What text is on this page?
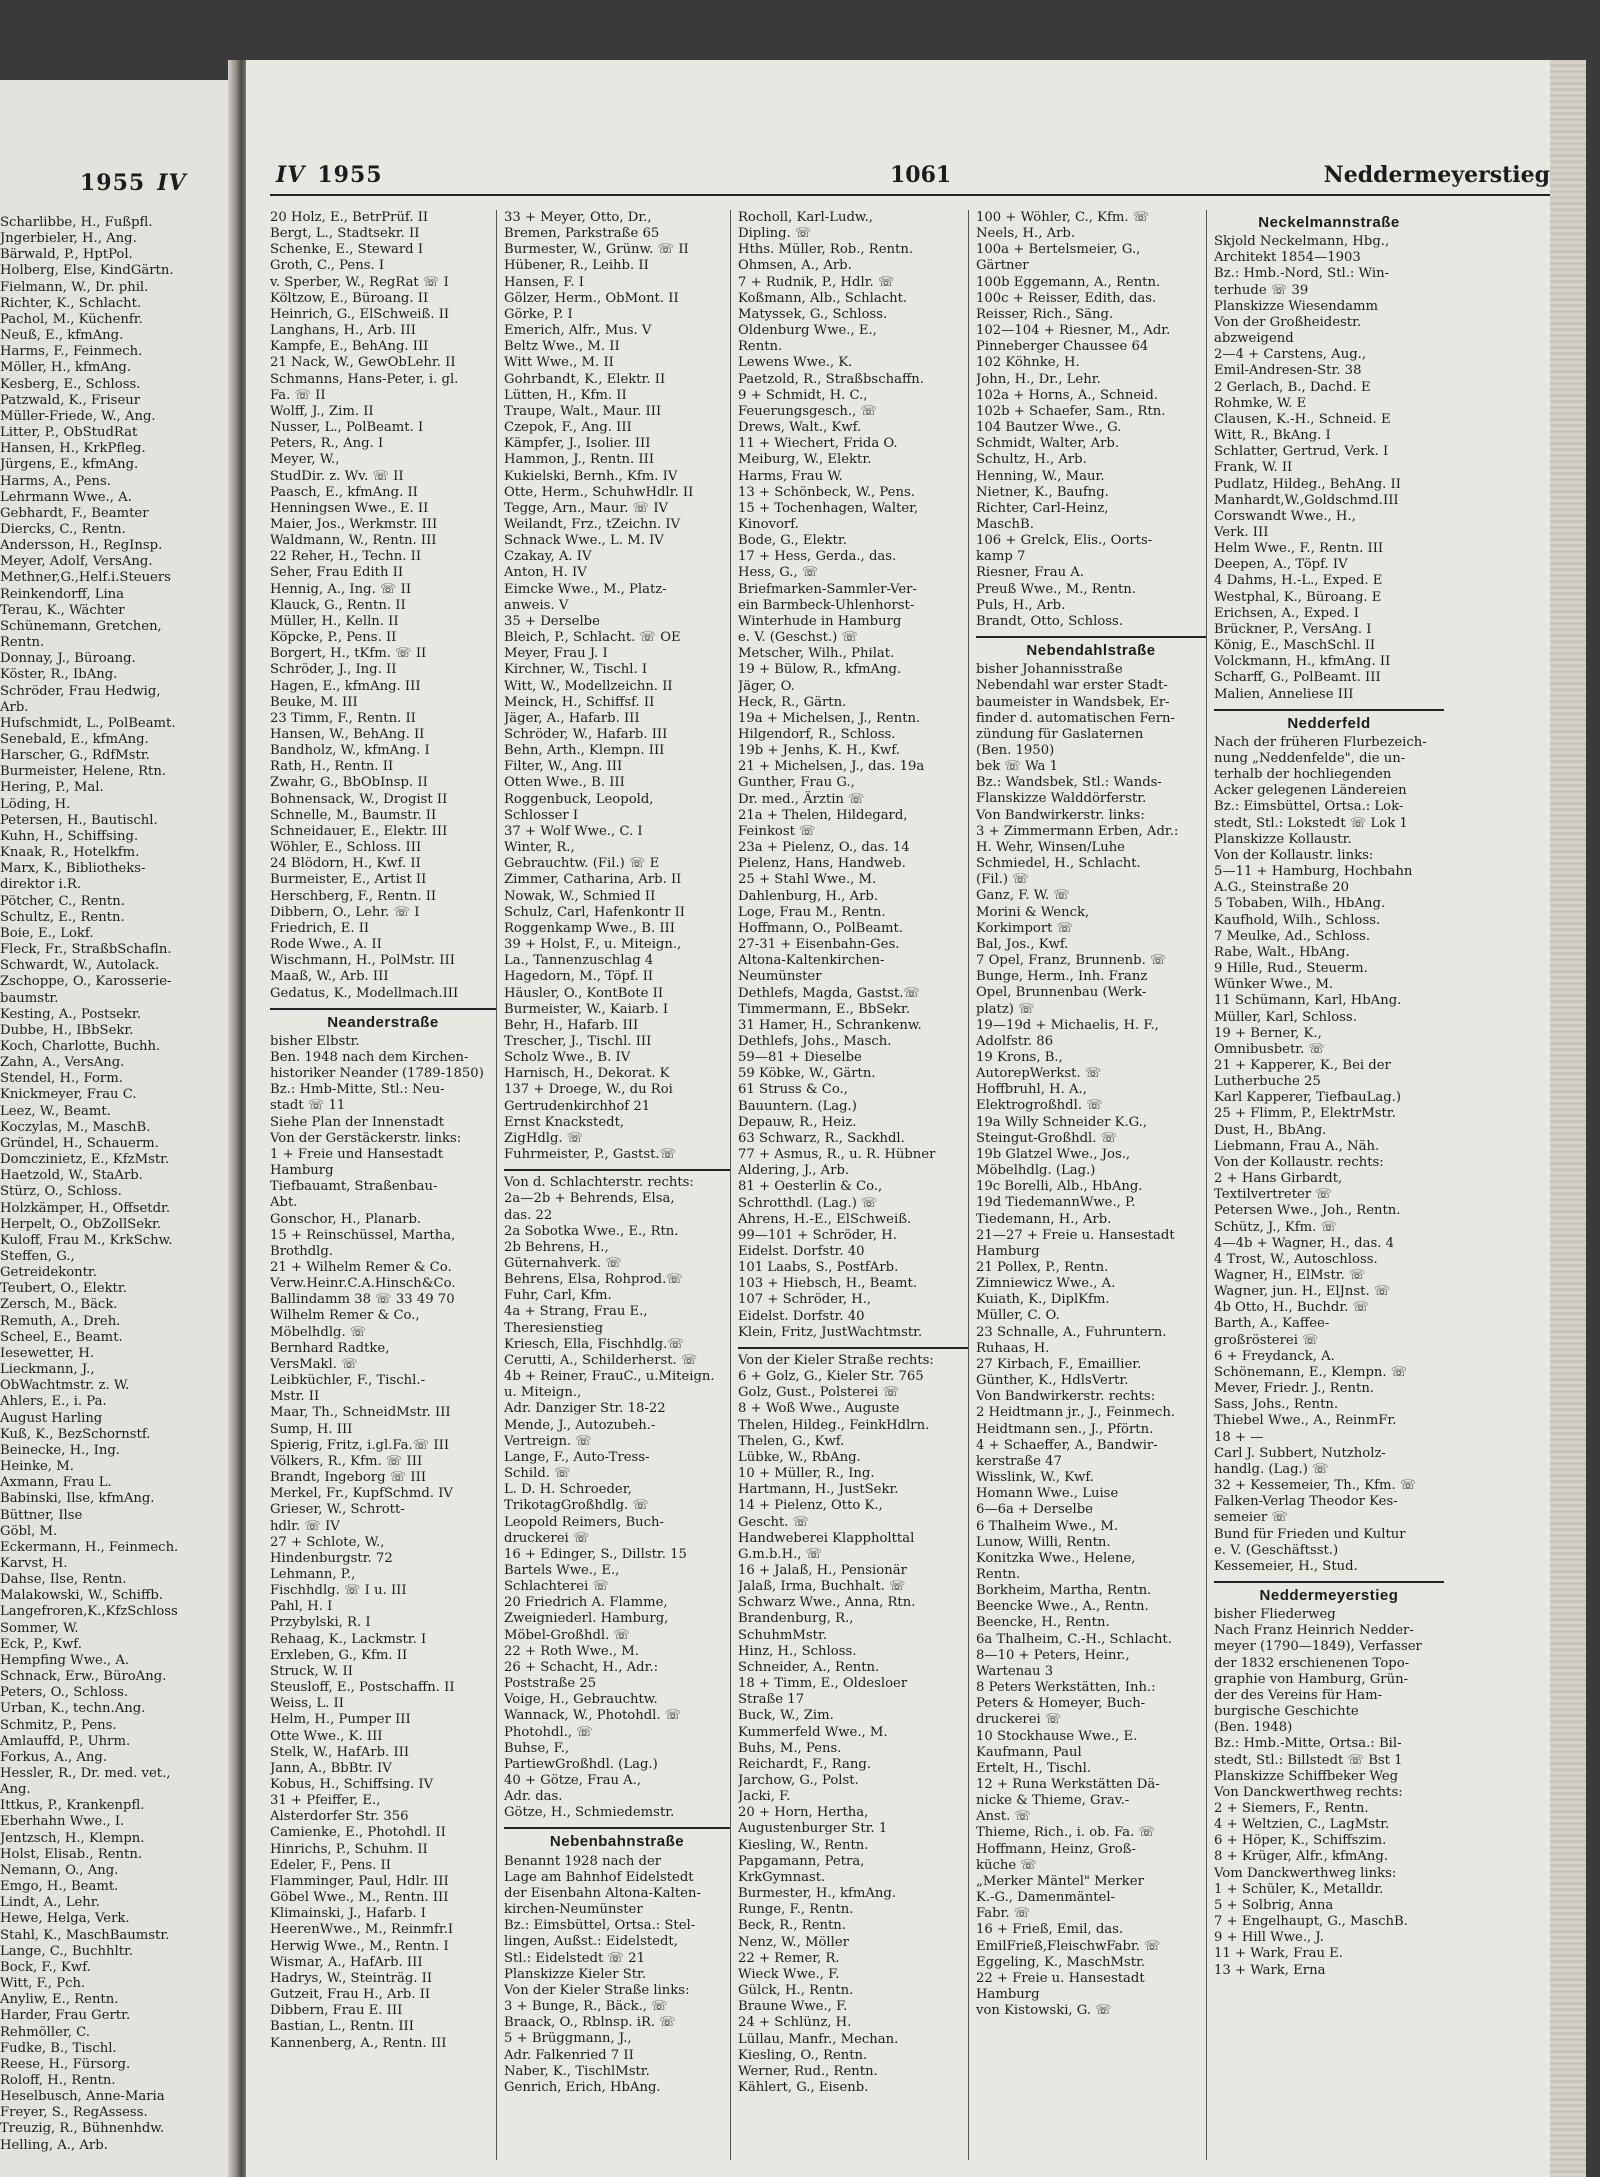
1955 IV
Scharlibbe, H., Fußpfl.
Jngerbieler, H., Ang.
Bärwald, P., HptPol.
Holberg, Else, KindGärtn.
Fielmann, W., Dr. phil.
Richter, K., Schlacht.
Pachol, M., Küchenfr.
Neuß, E., kfmAng.
Harms, F., Feinmech.
Möller, H., kfmAng.
Kesberg, E., Schloss.
Patzwald, K., Friseur
Müller-Friede, W., Ang.
Litter, P., ObStudRat
Hansen, H., KrkPfleg.
Jürgens, E., kfmAng.
Harms, A., Pens.
Lehrmann Wwe., A.
Gebhardt, F., Beamter
Diercks, C., Rentn.
Andersson, H., RegInsp.
Meyer, Adolf, VersAng.
Methner,G.,Helf.i.Steuers
Reinkendorff, Lina
Terau, K., Wächter
Schünemann, Gretchen,
Rentn.
Donnay, J., Büroang.
Köster, R., IbAng.
Schröder, Frau Hedwig,
Arb.
Hufschmidt, L., PolBeamt.
Senebald, E., kfmAng.
Harscher, G., RdfMstr.
Burmeister, Helene, Rtn.
Hering, P., Mal.
Löding, H.
Petersen, H., Bautischl.
Kuhn, H., Schiffsing.
Knaak, R., Hotelkfm.
Marx, K., Bibliotheks-
direktor i.R.
Pötcher, C., Rentn.
Schultz, E., Rentn.
Boie, E., Lokf.
Fleck, Fr., StraßbSchafln.
Schwardt, W., Autolack.
Zschoppe, O., Karosserie-
baumstr.
Kesting, A., Postsekr.
Dubbe, H., IBbSekr.
Koch, Charlotte, Buchh.
Zahn, A., VersAng.
Stendel, H., Form.
Knickmeyer, Frau C.
Leez, W., Beamt.
Koczylas, M., MaschB.
Gründel, H., Schauerm.
Domczinietz, E., KfzMstr.
Haetzold, W., StaArb.
Stürz, O., Schloss.
Holzkämper, H., Offsetdr.
Herpelt, O., ObZollSekr.
Kuloff, Frau M., KrkSchw.
Steffen, G.,
Getreidekontr.
Teubert, O., Elektr.
Zersch, M., Bäck.
Remuth, A., Dreh.
Scheel, E., Beamt.
Iesewetter, H.
Lieckmann, J.,
ObWachtmstr. z. W.
Ahlers, E., i. Pa.
August Harling
Kuß, K., BezSchornstf.
Beinecke, H., Ing.
Heinke, M.
Axmann, Frau L.
Babinski, Ilse, kfmAng.
Büttner, Ilse
Göbl, M.
Eckermann, H., Feinmech.
Karvst, H.
Dahse, Ilse, Rentn.
Malakowski, W., Schiffb.
Langefroren,K.,KfzSchloss
Sommer, W.
Eck, P., Kwf.
Hempfing Wwe., A.
Schnack, Erw., BüroAng.
Peters, O., Schloss.
Urban, K., techn.Ang.
Schmitz, P., Pens.
Amlauffd, P., Uhrm.
Forkus, A., Ang.
Hessler, R., Dr. med. vet.,
Ang.
Ittkus, P., Krankenpfl.
Eberhahn Wwe., I.
Jentzsch, H., Klempn.
Holst, Elisab., Rentn.
Nemann, O., Ang.
Emgo, H., Beamt.
Lindt, A., Lehr.
Hewe, Helga, Verk.
Stahl, K., MaschBaumstr.
Lange, C., Buchhltr.
Bock, F., Kwf.
Witt, F., Pch.
Anyliw, E., Rentn.
Harder, Frau Gertr.
Rehmöller, C.
Fudke, B., Tischl.
Reese, H., Fürsorg.
Roloff, H., Rentn.
Heselbusch, Anne-Maria
Freyer, S., RegAssess.
Treuzig, R., Bühnenhdw.
Helling, A., Arb.
IV 1955	1061	Neddermeyerstieg
20 Holz, E., BetrPrüf. II
Bergt, L., Stadtsekr. II
Schenke, E., Steward I
Groth, C., Pens. I
v. Sperber, W., RegRat ☏ I
Költzow, E., Büroang. II
Heinrich, G., ElSchweiß. II
Langhans, H., Arb. III
Kampfe, E., BehAng. III
21 Nack, W., GewObLehr. II
Schmanns, Hans-Peter, i. gl.
Fa. ☏ II
Wolff, J., Zim. II
Nusser, L., PolBeamt. I
Peters, R., Ang. I
Meyer, W.,
StudDir. z. Wv. ☏ II
Paasch, E., kfmAng. II
Henningsen Wwe., E. II
Maier, Jos., Werkmstr. III
Waldmann, W., Rentn. III
22 Reher, H., Techn. II
Seher, Frau Edith II
Hennig, A., Ing. ☏ II
Klauck, G., Rentn. II
Müller, H., Kelln. II
Köpcke, P., Pens. II
Borgert, H., tKfm. ☏ II
Schröder, J., Ing. II
Hagen, E., kfmAng. III
Beuke, M. III
23 Timm, F., Rentn. II
Hansen, W., BehAng. II
Bandholz, W., kfmAng. I
Rath, H., Rentn. II
Zwahr, G., BbObInsp. II
Bohnensack, W., Drogist II
Schnelle, M., Baumstr. II
Schneidauer, E., Elektr. III
Wöhler, E., Schloss. III
24 Blödorn, H., Kwf. II
Burmeister, E., Artist II
Herschberg, F., Rentn. II
Dibbern, O., Lehr. ☏ I
Friedrich, E. II
Rode Wwe., A. II
Wischmann, H., PolMstr. III
Maaß, W., Arb. III
Gedatus, K., Modellmach.III
Neanderstraße
bisher Elbstr.
Ben. 1948 nach dem Kirchen-
historiker Neander (1789-1850)
Bz.: Hmb-Mitte, Stl.: Neu-
stadt ☏ 11
Siehe Plan der Innenstadt
Von der Gerstäckerstr. links:
1 + Freie und Hansestadt
Hamburg
Tiefbauamt, Straßenbau-
Abt.
Gonschor, H., Planarb.
15 + Reinschüssel, Martha,
Brothdlg.
21 + Wilhelm Remer & Co.
Verw.Heinr.C.A.Hinsch&Co.
Ballindamm 38 ☏ 33 49 70
Wilhelm Remer & Co.,
Möbelhdlg. ☏
Bernhard Radtke,
VersMakl. ☏
Leibküchler, F., Tischl.-
Mstr. II
Maar, Th., SchneidMstr. III
Sump, H. III
Spierig, Fritz, i.gl.Fa.☏ III
Völkers, R., Kfm. ☏ III
Brandt, Ingeborg ☏ III
Merkel, Fr., KupfSchmd. IV
Grieser, W., Schrott-
hdlr. ☏ IV
27 + Schlote, W.,
Hindenburgstr. 72
Lehmann, P.,
Fischhdlg. ☏ I u. III
Pahl, H. I
Przybylski, R. I
Rehaag, K., Lackmstr. I
Erxleben, G., Kfm. II
Struck, W. II
Steusloff, E., Postschaffn. II
Weiss, L. II
Helm, H., Pumper III
Otte Wwe., K. III
Stelk, W., HafArb. III
Jann, A., BbBtr. IV
Kobus, H., Schiffsing. IV
31 + Pfeiffer, E.,
Alsterdorfer Str. 356
Camienke, E., Photohdl. II
Hinrichs, P., Schuhm. II
Edeler, F., Pens. II
Flamminger, Paul, Hdlr. III
Göbel Wwe., M., Rentn. III
Klimainski, J., Hafarb. I
HeerenWwe., M., Reinmfr.I
Herwig Wwe., M., Rentn. I
Wismar, A., HafArb. III
Hadrys, W., Steinträg. II
Gutzeit, Frau H., Arb. II
Dibbern, Frau E. III
Bastian, L., Rentn. III
Kannenberg, A., Rentn. III
33 + Meyer, Otto, Dr.,
Bremen, Parkstraße 65
Burmester, W., Grünw. ☏ II
Hübener, R., Leihb. II
Hansen, F. I
Gölzer, Herm., ObMont. II
Görke, P. I
Emerich, Alfr., Mus. V
Beltz Wwe., M. II
Witt Wwe., M. II
Gohrbandt, K., Elektr. II
Lütten, H., Kfm. II
Traupe, Walt., Maur. III
Czepok, F., Ang. III
Kämpfer, J., Isolier. III
Hammon, J., Rentn. III
Kukielski, Bernh., Kfm. IV
Otte, Herm., SchuhwHdlr. II
Tegge, Arn., Maur. ☏ IV
Weilandt, Frz., tZeichn. IV
Schnack Wwe., L. M. IV
Czakay, A. IV
Anton, H. IV
Eimcke Wwe., M., Platz-
anweis. V
35 + Derselbe
Bleich, P., Schlacht. ☏ OE
Meyer, Frau J. I
Kirchner, W., Tischl. I
Witt, W., Modellzeichn. II
Meinck, H., Schiffsf. II
Jäger, A., Hafarb. III
Schröder, W., Hafarb. III
Behn, Arth., Klempn. III
Filter, W., Ang. III
Otten Wwe., B. III
Roggenbuck, Leopold,
Schlosser I
37 + Wolf Wwe., C. I
Winter, R.,
Gebrauchtw. (Fil.) ☏ E
Zimmer, Catharina, Arb. II
Nowak, W., Schmied II
Schulz, Carl, Hafenkontr II
Roggenkamp Wwe., B. III
39 + Holst, F., u. Miteign.,
La., Tannenzuschlag 4
Hagedorn, M., Töpf. II
Häusler, O., KontBote II
Burmeister, W., Kaiarb. I
Behr, H., Hafarb. III
Trescher, J., Tischl. III
Scholz Wwe., B. IV
Harnisch, H., Dekorat. K
137 + Droege, W., du Roi
Gertrudenkirchhof 21
Ernst Knackstedt,
ZigHdlg. ☏
Fuhrmeister, P., Gastst.☏
Von d. Schlachterstr. rechts:
2a—2b + Behrends, Elsa,
das. 22
2a Sobotka Wwe., E., Rtn.
2b Behrens, H.,
Güternahverk. ☏
Behrens, Elsa, Rohprod.☏
Fuhr, Carl, Kfm.
4a + Strang, Frau E.,
Theresienstieg
Kriesch, Ella, Fischhdlg.☏
Cerutti, A., Schilderherst. ☏
4b + Reiner, FrauC., u.Miteign.
u. Miteign.,
Adr. Danziger Str. 18-22
Mende, J., Autozubeh.-
Vertreign. ☏
Lange, F., Auto-Tress-
Schild. ☏
L. D. H. Schroeder,
TrikotagGroßhdlg. ☏
Leopold Reimers, Buch-
druckerei ☏
16 + Edinger, S., Dillstr. 15
Bartels Wwe., E.,
Schlachterei ☏
20 Friedrich A. Flamme,
Zweigniederl. Hamburg,
Möbel-Großhdl. ☏
22 + Roth Wwe., M.
26 + Schacht, H., Adr.:
Poststraße 25
Voige, H., Gebrauchtw.
Wannack, W., Photohdl. ☏
Photohdl., ☏
Buhse, F.,
PartiewGroßhdl. (Lag.)
40 + Götze, Frau A.,
Adr. das.
Götze, H., Schmiedemstr.
Nebenbahnstraße
Benannt 1928 nach der
Lage am Bahnhof Eidelstedt
der Eisenbahn Altona-Kalten-
kirchen-Neumünster
Bz.: Eimsbüttel, Ortsa.: Stel-
lingen, Außst.: Eidelstedt,
Stl.: Eidelstedt ☏ 21
Planskizze Kieler Str.
Von der Kieler Straße links:
3 + Bunge, R., Bäck., ☏
Braack, O., Rblnsp. iR. ☏
5 + Brüggmann, J.,
Adr. Falkenried 7 II
Naber, K., TischlMstr.
Genrich, Erich, HbAng.
Rocholl, Karl-Ludw.,
Dipling. ☏
Hths. Müller, Rob., Rentn.
Ohmsen, A., Arb.
7 + Rudnik, P., Hdlr. ☏
Koßmann, Alb., Schlacht.
Matyssek, G., Schloss.
Oldenburg Wwe., E.,
Rentn.
Lewens Wwe., K.
Paetzold, R., Straßbschaffn.
9 + Schmidt, H. C.,
Feuerungsgesch., ☏
Drews, Walt., Kwf.
11 + Wiechert, Frida O.
Meiburg, W., Elektr.
Harms, Frau W.
13 + Schönbeck, W., Pens.
15 + Tochenhagen, Walter,
Kinovorf.
Bode, G., Elektr.
17 + Hess, Gerda., das.
Hess, G., ☏
Briefmarken-Sammler-Ver-
ein Barmbeck-Uhlenhorst-
Winterhude in Hamburg
e. V. (Geschst.) ☏
Metscher, Wilh., Philat.
19 + Bülow, R., kfmAng.
Jäger, O.
Heck, R., Gärtn.
19a + Michelsen, J., Rentn.
Hilgendorf, R., Schloss.
19b + Jenhs, K. H., Kwf.
21 + Michelsen, J., das. 19a
Gunther, Frau G.,
Dr. med., Ärztin ☏
21a + Thelen, Hildegard,
Feinkost ☏
23a + Pielenz, O., das. 14
Pielenz, Hans, Handweb.
25 + Stahl Wwe., M.
Dahlenburg, H., Arb.
Loge, Frau M., Rentn.
Hoffmann, O., PolBeamt.
27-31 + Eisenbahn-Ges.
Altona-Kaltenkirchen-
Neumünster
Dethlefs, Magda, Gastst.☏
Timmermann, E., BbSekr.
31 Hamer, H., Schrankenw.
Dethlefs, Johs., Masch.
59—81 + Dieselbe
59 Köbke, W., Gärtn.
61 Struss & Co.,
Bauuntern. (Lag.)
Depauw, R., Heiz.
63 Schwarz, R., Sackhdl.
77 + Asmus, R., u. R. Hübner
Aldering, J., Arb.
81 + Oesterlin & Co.,
Schrotthdl. (Lag.) ☏
Ahrens, H.-E., ElSchweiß.
99—101 + Schröder, H.
Eidelst. Dorfstr. 40
101 Laabs, S., PostfArb.
103 + Hiebsch, H., Beamt.
107 + Schröder, H.,
Eidelst. Dorfstr. 40
Klein, Fritz, JustWachtmstr.
Von der Kieler Straße rechts:
6 + Golz, G., Kieler Str. 765
Golz, Gust., Polsterei ☏
8 + Woß Wwe., Auguste
Thelen, Hildeg., FeinkHdlrn.
Thelen, G., Kwf.
Lübke, W., RbAng.
10 + Müller, R., Ing.
Hartmann, H., JustSekr.
14 + Pielenz, Otto K.,
Gescht. ☏
Handweberei Klappholttal
G.m.b.H., ☏
16 + Jalaß, H., Pensionär
Jalaß, Irma, Buchhalt. ☏
Schwarz Wwe., Anna, Rtn.
Brandenburg, R.,
SchuhmMstr.
Hinz, H., Schloss.
Schneider, A., Rentn.
18 + Timm, E., Oldesloer
Straße 17
Buck, W., Zim.
Kummerfeld Wwe., M.
Buhs, M., Pens.
Reichardt, F., Rang.
Jarchow, G., Polst.
Jacki, F.
20 + Horn, Hertha,
Augustenburger Str. 1
Kiesling, W., Rentn.
Papgamann, Petra,
KrkGymnast.
Burmester, H., kfmAng.
Runge, F., Rentn.
Beck, R., Rentn.
Nenz, W., Möller
22 + Remer, R.
Wieck Wwe., F.
Gülck, H., Rentn.
Braune Wwe., F.
24 + Schlünz, H.
Lüllau, Manfr., Mechan.
Kiesling, O., Rentn.
Werner, Rud., Rentn.
Kählert, G., Eisenb.
100 + Wöhler, C., Kfm. ☏
Neels, H., Arb.
100a + Bertelsmeier, G.,
Gärtner
100b Eggemann, A., Rentn.
100c + Reisser, Edith, das.
Reisser, Rich., Säng.
102—104 + Riesner, M., Adr.
Pinneberger Chaussee 64
102 Köhnke, H.
John, H., Dr., Lehr.
102a + Horns, A., Schneid.
102b + Schaefer, Sam., Rtn.
104 Bautzer Wwe., G.
Schmidt, Walter, Arb.
Schultz, H., Arb.
Henning, W., Maur.
Nietner, K., Baufng.
Richter, Carl-Heinz,
MaschB.
106 + Grelck, Elis., Oorts-
kamp 7
Riesner, Frau A.
Preuß Wwe., M., Rentn.
Puls, H., Arb.
Brandt, Otto, Schloss.
Nebendahlstraße
bisher Johannisstraße
Nebendahl war erster Stadt-
baumeister in Wandsbek, Er-
finder d. automatischen Fern-
zündung für Gaslaternen
(Ben. 1950)
bek ☏ Wa 1
Bz.: Wandsbek, Stl.: Wands-
Flanskizze Walddörferstr.
Von Bandwirkerstr. links:
3 + Zimmermann Erben, Adr.:
H. Wehr, Winsen/Luhe
Schmiedel, H., Schlacht.
(Fil.) ☏
Ganz, F. W. ☏
Morini & Wenck,
Korkimport ☏
Bal, Jos., Kwf.
7 Opel, Franz, Brunnenb. ☏
Bunge, Herm., Inh. Franz
Opel, Brunnenbau (Werk-
platz) ☏
19—19d + Michaelis, H. F.,
Adolfstr. 86
19 Krons, B.,
AutorepWerkst. ☏
Hoffbruhl, H. A.,
Elektrogroßhdl. ☏
19a Willy Schneider K.G.,
Steingut-Großhdl. ☏
19b Glatzel Wwe., Jos.,
Möbelhdlg. (Lag.)
19c Borelli, Alb., HbAng.
19d TiedemannWwe., P.
Tiedemann, H., Arb.
21—27 + Freie u. Hansestadt
Hamburg
21 Pollex, P., Rentn.
Zimniewicz Wwe., A.
Kuiath, K., DiplKfm.
Müller, C. O.
23 Schnalle, A., Fuhruntern.
Ruhaas, H.
27 Kirbach, F., Emaillier.
Günther, K., HdlsVertr.
Von Bandwirkerstr. rechts:
2 Heidtmann jr., J., Feinmech.
Heidtmann sen., J., Pförtn.
4 + Schaeffer, A., Bandwir-
kerstraße 47
Wisslink, W., Kwf.
Homann Wwe., Luise
6—6a + Derselbe
6 Thalheim Wwe., M.
Lunow, Willi, Rentn.
Konitzka Wwe., Helene,
Rentn.
Borkheim, Martha, Rentn.
Beencke Wwe., A., Rentn.
Beencke, H., Rentn.
6a Thalheim, C.-H., Schlacht.
8—10 + Peters, Heinr.,
Wartenau 3
8 Peters Werkstätten, Inh.:
Peters & Homeyer, Buch-
druckerei ☏
10 Stockhause Wwe., E.
Kaufmann, Paul
Ertelt, H., Tischl.
12 + Runa Werkstätten Dä-
nicke & Thieme, Grav.-
Anst. ☏
Thieme, Rich., i. ob. Fa. ☏
Hoffmann, Heinz, Groß-
küche ☏
„Merker Mäntel" Merker
K.-G., Damenmäntel-
Fabr. ☏
16 + Frieß, Emil, das.
EmilFrieß,FleischwFabr. ☏
Eggeling, K., MaschMstr.
22 + Freie u. Hansestadt
Hamburg
von Kistowski, G. ☏
Neckelmannstraße
Skjold Neckelmann, Hbg.,
Architekt 1854—1903
Bz.: Hmb.-Nord, Stl.: Win-
terhude ☏ 39
Planskizze Wiesendamm
Von der Großheidestr.
abzweigend
2—4 + Carstens, Aug.,
Emil-Andresen-Str. 38
2 Gerlach, B., Dachd. E
Rohmke, W. E
Clausen, K.-H., Schneid. E
Witt, R., BkAng. I
Schlatter, Gertrud, Verk. I
Frank, W. II
Pudlatz, Hildeg., BehAng. II
Manhardt,W.,Goldschmd.III
Corswandt Wwe., H.,
Verk. III
Helm Wwe., F., Rentn. III
Deepen, A., Töpf. IV
4 Dahms, H.-L., Exped. E
Westphal, K., Büroang. E
Erichsen, A., Exped. I
Brückner, P., VersAng. I
König, E., MaschSchl. II
Volckmann, H., kfmAng. II
Scharff, G., PolBeamt. III
Malien, Anneliese III
Nedderfeld
Nach der früheren Flurbezeich-
nung „Neddenfelde", die un-
terhalb der hochliegenden
Acker gelegenen Ländereien
Bz.: Eimsbüttel, Ortsa.: Lok-
stedt, Stl.: Lokstedt ☏ Lok 1
Planskizze Kollaustr.
Von der Kollaustr. links:
5—11 + Hamburg, Hochbahn
A.G., Steinstraße 20
5 Tobaben, Wilh., HbAng.
Kaufhold, Wilh., Schloss.
7 Meulke, Ad., Schloss.
Rabe, Walt., HbAng.
9 Hille, Rud., Steuerm.
Wünker Wwe., M.
11 Schümann, Karl, HbAng.
Müller, Karl, Schloss.
19 + Berner, K.,
Omnibusbetr. ☏
21 + Kapperer, K., Bei der
Lutherbuche 25
Karl Kapperer, TiefbauLag.)
25 + Flimm, P., ElektrMstr.
Dust, H., BbAng.
Liebmann, Frau A., Näh.
Von der Kollaustr. rechts:
2 + Hans Girbardt,
Textilvertreter ☏
Petersen Wwe., Joh., Rentn.
Schütz, J., Kfm. ☏
4—4b + Wagner, H., das. 4
4 Trost, W., Autoschloss.
Wagner, H., ElMstr. ☏
Wagner, jun. H., ElJnst. ☏
4b Otto, H., Buchdr. ☏
Barth, A., Kaffee-
großrösterei ☏
6 + Freydanck, A.
Schönemann, E., Klempn. ☏
Mever, Friedr. J., Rentn.
Sass, Johs., Rentn.
Thiebel Wwe., A., ReinmFr.
18 + —
Carl J. Subbert, Nutzholz-
handlg. (Lag.) ☏
32 + Kessemeier, Th., Kfm. ☏
Falken-Verlag Theodor Kes-
semeier ☏
Bund für Frieden und Kultur
e. V. (Geschäftsst.)
Kessemeier, H., Stud.
Neddermeyerstieg
bisher Fliederweg
Nach Franz Heinrich Nedder-
meyer (1790—1849), Verfasser
der 1832 erschienenen Topo-
graphie von Hamburg, Grün-
der des Vereins für Ham-
burgische Geschichte
(Ben. 1948)
Bz.: Hmb.-Mitte, Ortsa.: Bil-
stedt, Stl.: Billstedt ☏ Bst 1
Planskizze Schiffbeker Weg
Von Danckwerthweg rechts:
2 + Siemers, F., Rentn.
4 + Weltzien, C., LagMstr.
6 + Höper, K., Schiffszim.
8 + Krüger, Alfr., kfmAng.
Vom Danckwerthweg links:
1 + Schüler, K., Metalldr.
5 + Solbrig, Anna
7 + Engelhaupt, G., MaschB.
9 + Hill Wwe., J.
11 + Wark, Frau E.
13 + Wark, Erna
